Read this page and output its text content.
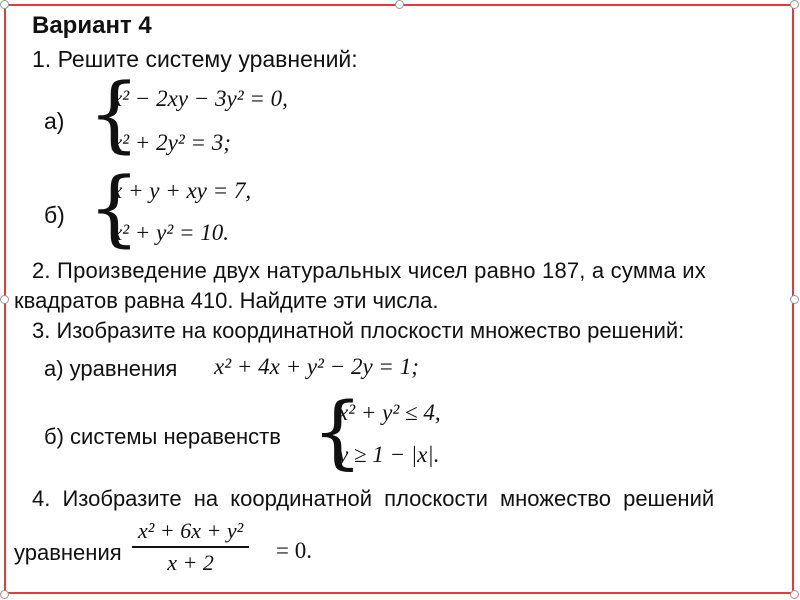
Вариант 4
1. Решите систему уравнений:
а) {
x² − 2xy − 3y² = 0,
x² + 2y² = 3;
б) {
x + y + xy = 7,
x² + y² = 10.
2. Произведение двух натуральных чисел равно 187, а сумма их
квадратов равна 410. Найдите эти числа.
3. Изобразите на координатной плоскости множество решений:
а) уравнения x² + 4x + y² − 2y = 1;
б) системы неравенств {
x² + y² ≤ 4,
y ≥ 1 − |x|.
4. Изобразите на координатной плоскости множество решений
уравнения
x² + 6x + y²
x + 2	= 0.
